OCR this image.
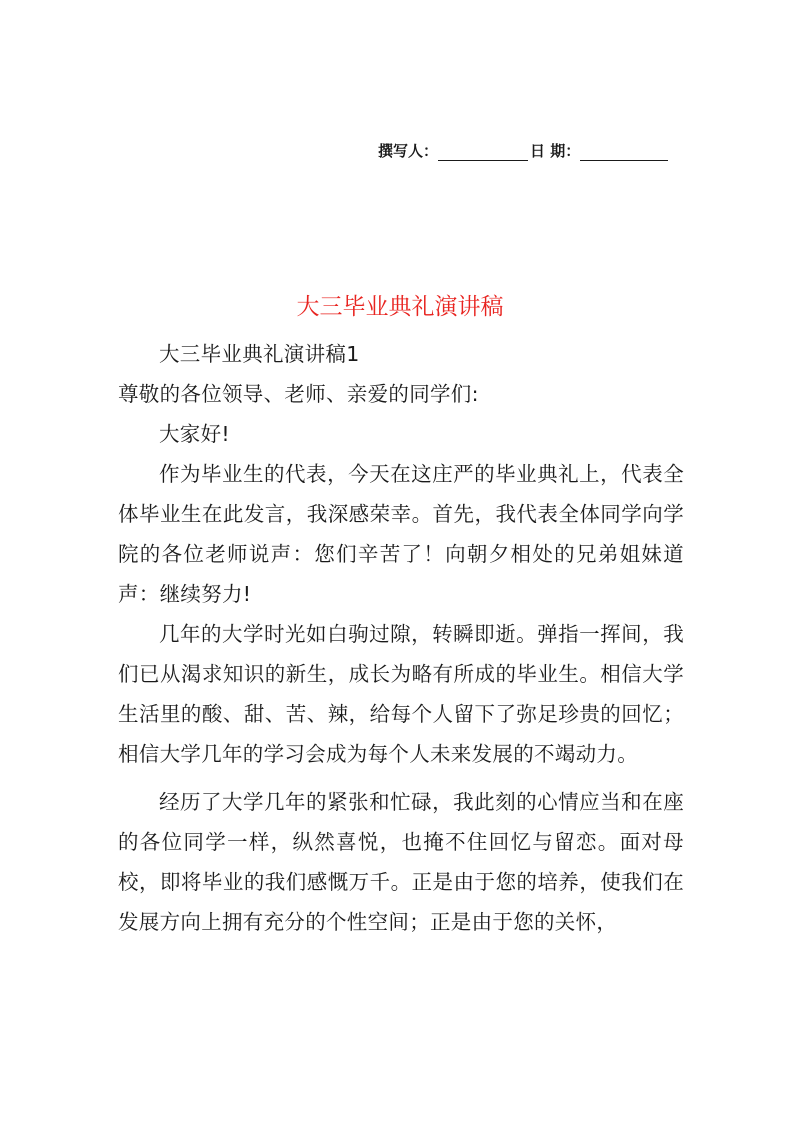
撰写人：	日 期：
大三毕业典礼演讲稿

大三毕业典礼演讲稿1

尊敬的各位领导、老师、亲爱的同学们:

大家好!

作为毕业生的代表，今天在这庄严的毕业典礼上，代表全体毕业生在此发言，我深感荣幸。首先，我代表全体同学向学院的各位老师说声：您们辛苦了！向朝夕相处的兄弟姐妹道声：继续努力!

几年的大学时光如白驹过隙，转瞬即逝。弹指一挥间，我们已从渴求知识的新生，成长为略有所成的毕业生。相信大学生活里的酸、甜、苦、辣，给每个人留下了弥足珍贵的回忆；相信大学几年的学习会成为每个人未来发展的不竭动力。

经历了大学几年的紧张和忙碌，我此刻的心情应当和在座的各位同学一样，纵然喜悦，也掩不住回忆与留恋。面对母校，即将毕业的我们感慨万千。正是由于您的培养，使我们在发展方向上拥有充分的个性空间；正是由于您的关怀，
